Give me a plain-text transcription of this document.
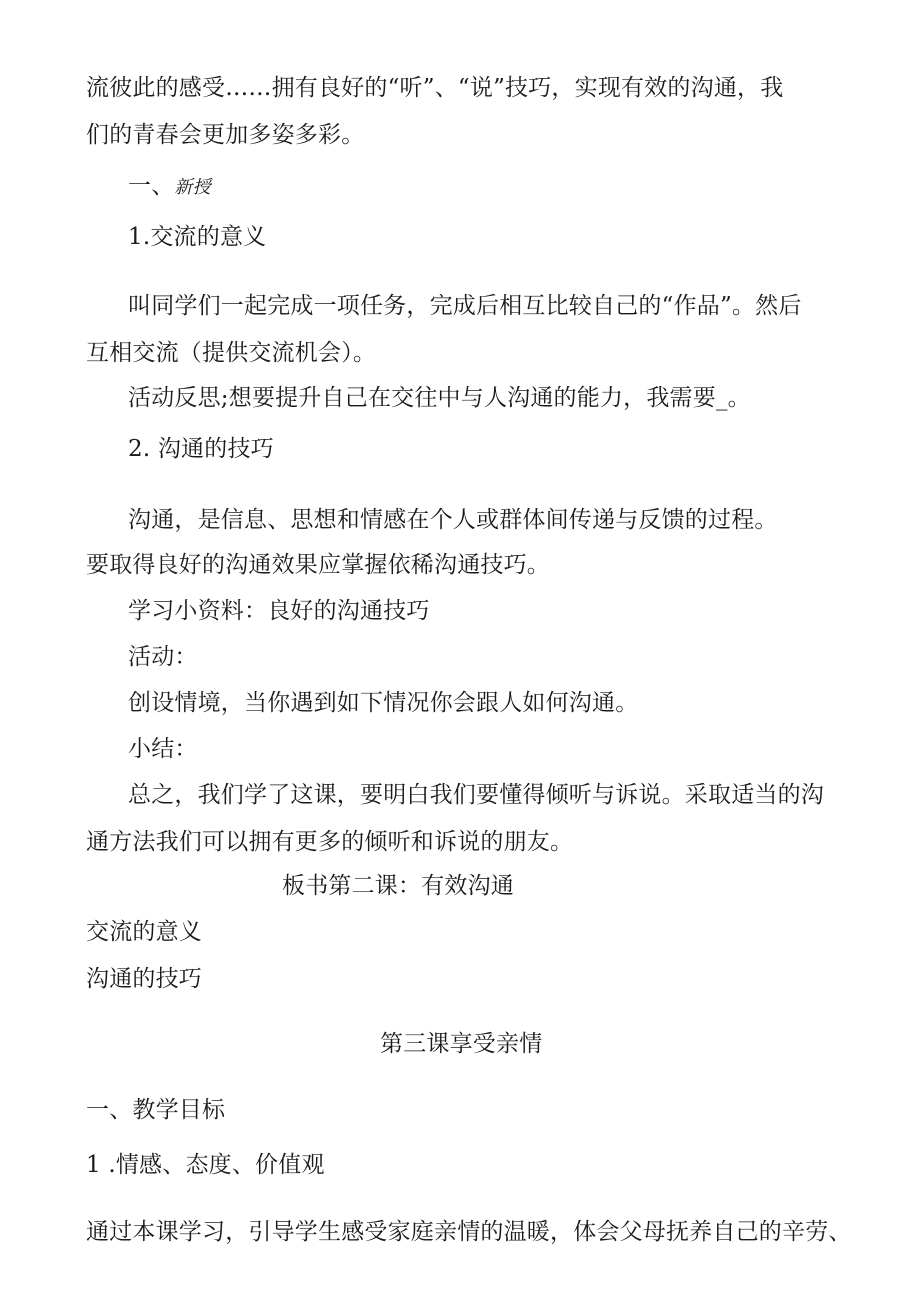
流彼此的感受……拥有良好的“听”、“说”技巧，实现有效的沟通，我
们的青春会更加多姿多彩。
一、新授
1.交流的意义
叫同学们一起完成一项任务，完成后相互比较自己的“作品”。然后
互相交流（提供交流机会）。
活动反思;想要提升自己在交往中与人沟通的能力，我需要_。
2. 沟通的技巧
沟通，是信息、思想和情感在个人或群体间传递与反馈的过程。
要取得良好的沟通效果应掌握依稀沟通技巧。
学习小资料：良好的沟通技巧
活动：
创设情境，当你遇到如下情况你会跟人如何沟通。
小结：
总之，我们学了这课，要明白我们要懂得倾听与诉说。采取适当的沟
通方法我们可以拥有更多的倾听和诉说的朋友。
板书第二课：有效沟通
交流的意义
沟通的技巧
第三课享受亲情
一、教学目标
1 .情感、态度、价值观
通过本课学习，引导学生感受家庭亲情的温暖，体会父母抚养自己的辛劳、
